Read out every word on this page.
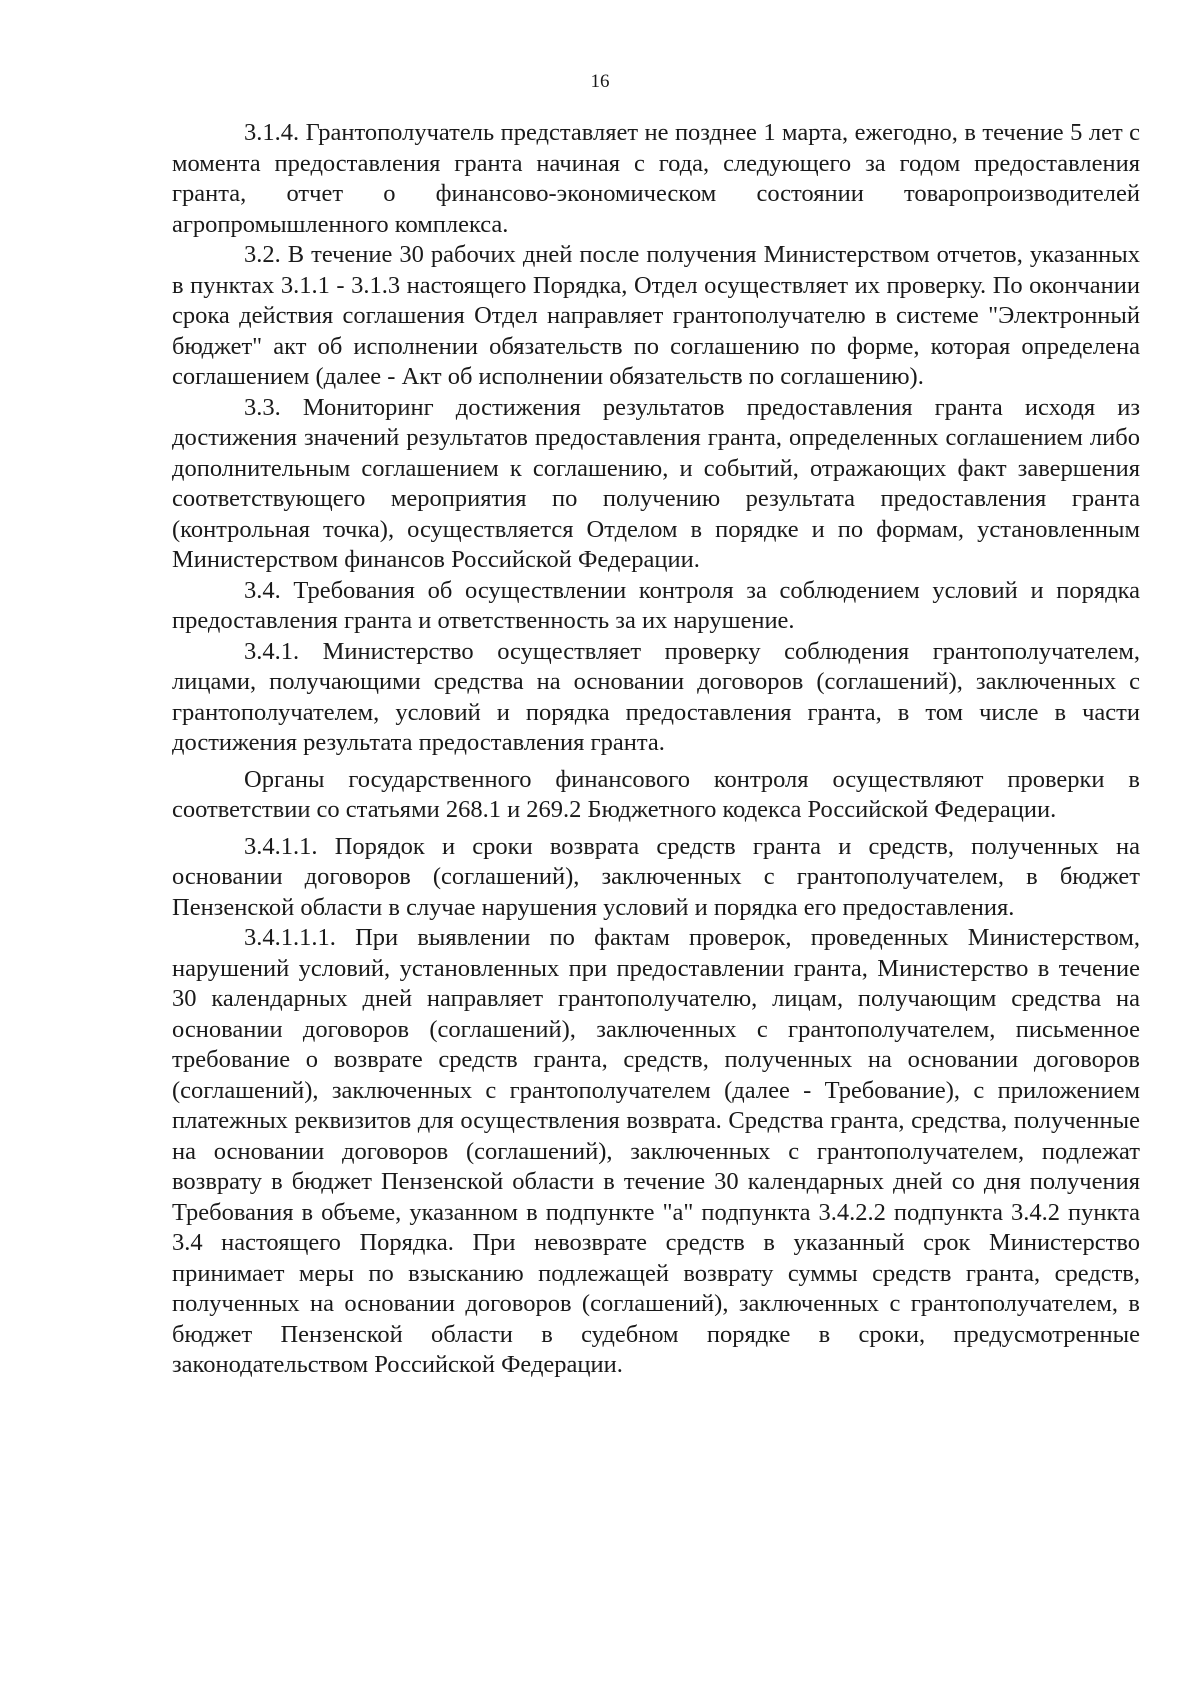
16

3.1.4. Грантополучатель представляет не позднее 1 марта, ежегодно, в течение 5 лет с момента предоставления гранта начиная с года, следующего за годом предоставления гранта, отчет о финансово-экономическом состоянии товаропроизводителей агропромышленного комплекса.

3.2. В течение 30 рабочих дней после получения Министерством отчетов, указанных в пунктах 3.1.1 - 3.1.3 настоящего Порядка, Отдел осуществляет их проверку. По окончании срока действия соглашения Отдел направляет грантополучателю в системе "Электронный бюджет" акт об исполнении обязательств по соглашению по форме, которая определена соглашением (далее - Акт об исполнении обязательств по соглашению).

3.3. Мониторинг достижения результатов предоставления гранта исходя из достижения значений результатов предоставления гранта, определенных соглашением либо дополнительным соглашением к соглашению, и событий, отражающих факт завершения соответствующего мероприятия по получению результата предоставления гранта (контрольная точка), осуществляется Отделом в порядке и по формам, установленным Министерством финансов Российской Федерации.

3.4. Требования об осуществлении контроля за соблюдением условий и порядка предоставления гранта и ответственность за их нарушение.

3.4.1. Министерство осуществляет проверку соблюдения грантополучателем, лицами, получающими средства на основании договоров (соглашений), заключенных с грантополучателем, условий и порядка предоставления гранта, в том числе в части достижения результата предоставления гранта.

Органы государственного финансового контроля осуществляют проверки в соответствии со статьями 268.1 и 269.2 Бюджетного кодекса Российской Федерации.

3.4.1.1. Порядок и сроки возврата средств гранта и средств, полученных на основании договоров (соглашений), заключенных с грантополучателем, в бюджет Пензенской области в случае нарушения условий и порядка его предоставления.

3.4.1.1.1. При выявлении по фактам проверок, проведенных Министерством, нарушений условий, установленных при предоставлении гранта, Министерство в течение 30 календарных дней направляет грантополучателю, лицам, получающим средства на основании договоров (соглашений), заключенных с грантополучателем, письменное требование о возврате средств гранта, средств, полученных на основании договоров (соглашений), заключенных с грантополучателем (далее - Требование), с приложением платежных реквизитов для осуществления возврата. Средства гранта, средства, полученные на основании договоров (соглашений), заключенных с грантополучателем, подлежат возврату в бюджет Пензенской области в течение 30 календарных дней со дня получения Требования в объеме, указанном в подпункте "а" подпункта 3.4.2.2 подпункта 3.4.2 пункта 3.4 настоящего Порядка. При невозврате средств в указанный срок Министерство принимает меры по взысканию подлежащей возврату суммы средств гранта, средств, полученных на основании договоров (соглашений), заключенных с грантополучателем, в бюджет Пензенской области в судебном порядке в сроки, предусмотренные законодательством Российской Федерации.
